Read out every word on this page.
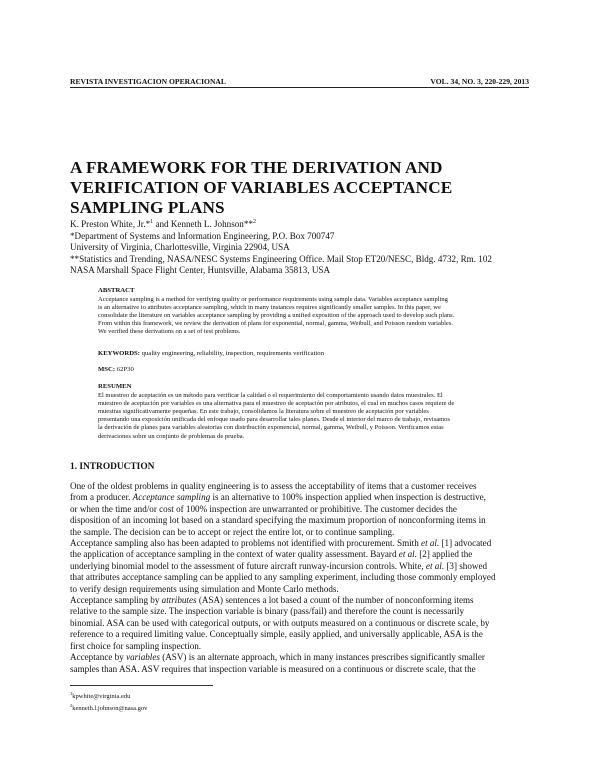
REVISTA INVESTIGACION OPERACIONAL	VOL. 34, NO. 3, 220-229, 2013
A FRAMEWORK FOR THE DERIVATION AND
VERIFICATION OF VARIABLES ACCEPTANCE
SAMPLING PLANS
K. Preston White, Jr.*$^1$ and Kenneth L. Johnson**$^2$
*Department of Systems and Information Engineering, P.O. Box 700747
University of Virginia, Charlottesville, Virginia 22904, USA
**Statistics and Trending, NASA/NESC Systems Engineering Office. Mail Stop ET20/NESC, Bldg. 4732, Rm. 102
NASA Marshall Space Flight Center, Huntsville, Alabama 35813, USA
ABSTRACT
Acceptance sampling is a method for verifying quality or performance requirements using sample data. Variables acceptance sampling
is an alternative to attributes acceptance sampling, which in many instances requires significantly smaller samples. In this paper, we
consolidate the literature on variables acceptance sampling by providing a unified exposition of the approach used to develop such plans.
From within this framework, we review the derivation of plans for exponential, normal, gamma, Weibull, and Poisson random variables.
We verified these derivations on a set of test problems.
KEYWORDS: quality engineering, reliability, inspection, requirements verification
MSC: 62P30
RESUMEN
El muestreo de aceptación es un método para verificar la calidad o el requerimiento del comportamiento usando datos muestrales. El
muestreo de aceptación por variables es una alternativa para el muestreo de aceptación por atributos, el cual en muchos casos requiere de
muestras significativamente pequeñas. En este trabajo, consolidamos la literatura sobre el muestreo de aceptación por variables
presentando una exposición unificada del enfoque usado para desarrollar tales planes. Desde el interior del marco de trabajo, revisamos
la derivación de planes para variables aleatorias con distribución exponencial, normal, gamma, Weibull, y Poisson. Verificamos estas
derivaciones sobre un conjunto de problemas de prueba.
1. INTRODUCTION
One of the oldest problems in quality engineering is to assess the acceptability of items that a customer receives
from a producer. Acceptance sampling is an alternative to 100% inspection applied when inspection is destructive,
or when the time and/or cost of 100% inspection are unwarranted or prohibitive. The customer decides the
disposition of an incoming lot based on a standard specifying the maximum proportion of nonconforming items in
the sample. The decision can be to accept or reject the entire lot, or to continue sampling.
Acceptance sampling also has been adapted to problems not identified with procurement. Smith et al. [1] advocated
the application of acceptance sampling in the context of water quality assessment. Bayard et al. [2] applied the
underlying binomial model to the assessment of future aircraft runway-incursion controls. White, et al. [3] showed
that attributes acceptance sampling can be applied to any sampling experiment, including those commonly employed
to verify design requirements using simulation and Monte Carlo methods.
Acceptance sampling by attributes (ASA) sentences a lot based a count of the number of nonconforming items
relative to the sample size. The inspection variable is binary (pass/fail) and therefore the count is necessarily
binomial. ASA can be used with categorical outputs, or with outputs measured on a continuous or discrete scale, by
reference to a required limiting value. Conceptually simple, easily applied, and universally applicable, ASA is the
first choice for sampling inspection.
Acceptance by variables (ASV) is an alternate approach, which in many instances prescribes significantly smaller
samples than ASA. ASV requires that inspection variable is measured on a continuous or discrete scale, that the
$^1$kpwhite@virginia.edu
$^2$kenneth.l.johnson@nasa.gov
